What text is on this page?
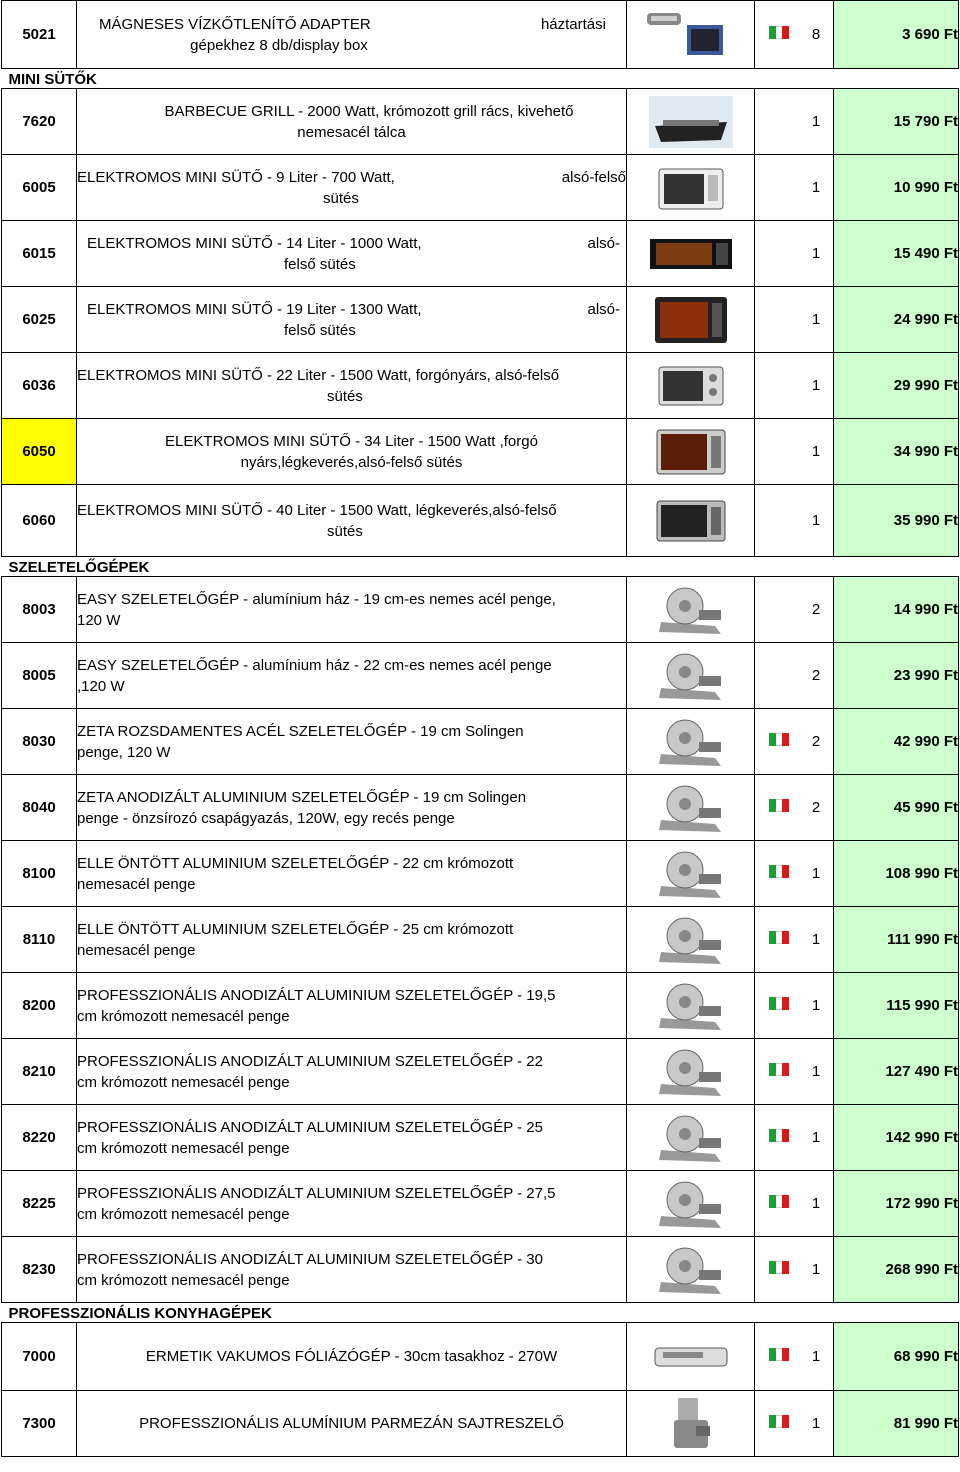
5021	MÁGNESES VÍZKŐTLENÍTŐ ADAPTER háztartási
gépekhez 8 db/display box			8	3 690 Ft
MINI SÜTŐK					
7620	BARBECUE GRILL - 2000 Watt, krómozott grill rács, kivehető
nemesacél tálca			1	15 790 Ft
6005	ELEKTROMOS MINI SÜTŐ - 9 Liter - 700 Watt, alsó-felső
sütés			1	10 990 Ft
6015	ELEKTROMOS MINI SÜTŐ - 14 Liter - 1000 Watt, alsó-
felső sütés			1	15 490 Ft
6025	ELEKTROMOS MINI SÜTŐ - 19 Liter - 1300 Watt, alsó-
felső sütés			1	24 990 Ft
6036	ELEKTROMOS MINI SÜTŐ - 22 Liter - 1500 Watt, forgónyárs, alsó-felső
sütés			1	29 990 Ft
6050	ELEKTROMOS MINI SÜTŐ - 34 Liter - 1500 Watt ,forgó
nyárs,légkeverés,alsó-felső sütés			1	34 990 Ft
6060	ELEKTROMOS MINI SÜTŐ - 40 Liter - 1500 Watt, légkeverés,alsó-felső
sütés			1	35 990 Ft
SZELETELŐGÉPEK					
8003	EASY SZELETELŐGÉP - alumínium ház - 19 cm-es nemes acél penge,
120 W			2	14 990 Ft
8005	EASY SZELETELŐGÉP - alumínium ház - 22 cm-es nemes acél penge
,120 W			2	23 990 Ft
8030	ZETA ROZSDAMENTES ACÉL SZELETELŐGÉP - 19 cm Solingen
penge, 120 W			2	42 990 Ft
8040	ZETA ANODIZÁLT ALUMINIUM SZELETELŐGÉP - 19 cm Solingen
penge - önzsírozó csapágyazás, 120W, egy recés penge			2	45 990 Ft
8100	ELLE ÖNTÖTT ALUMINIUM SZELETELŐGÉP - 22 cm krómozott
nemesacél penge			1	108 990 Ft
8110	ELLE ÖNTÖTT ALUMINIUM SZELETELŐGÉP - 25 cm krómozott
nemesacél penge			1	111 990 Ft
8200	PROFESSZIONÁLIS ANODIZÁLT ALUMINIUM SZELETELŐGÉP - 19,5
cm krómozott nemesacél penge			1	115 990 Ft
8210	PROFESSZIONÁLIS ANODIZÁLT ALUMINIUM SZELETELŐGÉP - 22
cm krómozott nemesacél penge			1	127 490 Ft
8220	PROFESSZIONÁLIS ANODIZÁLT ALUMINIUM SZELETELŐGÉP - 25
cm krómozott nemesacél penge			1	142 990 Ft
8225	PROFESSZIONÁLIS ANODIZÁLT ALUMINIUM SZELETELŐGÉP - 27,5
cm krómozott nemesacél penge			1	172 990 Ft
8230	PROFESSZIONÁLIS ANODIZÁLT ALUMINIUM SZELETELŐGÉP - 30
cm krómozott nemesacél penge			1	268 990 Ft
PROFESSZIONÁLIS KONYHAGÉPEK					
7000	ERMETIK VAKUMOS FÓLIÁZÓGÉP - 30cm tasakhoz - 270W			1	68 990 Ft
7300	PROFESSZIONÁLIS ALUMÍNIUM PARMEZÁN SAJTRESZELŐ			1	81 990 Ft
